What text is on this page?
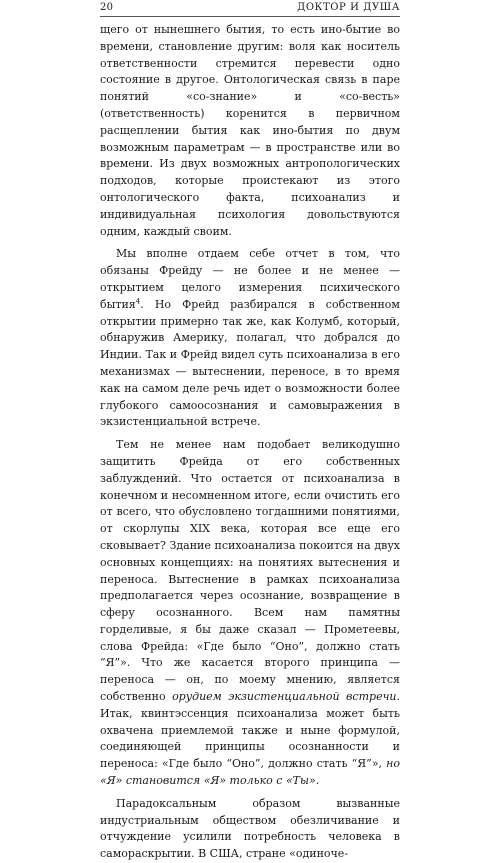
20	ДОКТОР И ДУША

щего от нынешнего бытия, то есть ино-бытие во времени, становление другим: воля как носитель ответственности стремится перевести одно состояние в другое. Онтологическая связь в паре понятий «со-знание» и «со-весть» (ответственность) коренится в первичном расщеплении бытия как ино-бытия по двум возможным параметрам — в пространстве или во времени. Из двух возможных антропологических подходов, которые проистекают из этого онтологического факта, психоанализ и индивидуальная психология довольствуются одним, каждый своим.

Мы вполне отдаем себе отчет в том, что обязаны Фрейду — не более и не менее — открытием целого измерения психического бытия$^4$. Но Фрейд разбирался в собственном открытии примерно так же, как Колумб, который, обнаружив Америку, полагал, что добрался до Индии. Так и Фрейд видел суть психоанализа в его механизмах — вытеснении, переносе, в то время как на самом деле речь идет о возможности более глубокого самоосознания и самовыражения в экзистенциальной встрече.

Тем не менее нам подобает великодушно защитить Фрейда от его собственных заблуждений. Что остается от психоанализа в конечном и несомненном итоге, если очистить его от всего, что обусловлено тогдашними понятиями, от скорлупы XIX века, которая все еще его сковывает? Здание психоанализа покоится на двух основных концепциях: на понятиях вытеснения и переноса. Вытеснение в рамках психоанализа предполагается через осознание, возвращение в сферу осознанного. Всем нам памятны горделивые, я бы даже сказал — Прометеевы, слова Фрейда: «Где было “Оно”, должно стать “Я”». Что же касается второго принципа — переноса — он, по моему мнению, является собственно орудием экзистенциальной встречи. Итак, квинтэссенция психоанализа может быть охвачена приемлемой также и ныне формулой, соединяющей принципы осознанности и переноса: «Где было “Оно”, должно стать “Я”», но «Я» становится «Я» только с «Ты».

Парадоксальным образом вызванные индустриальным обществом обезличивание и отчуждение усилили потребность человека в самораскрытии. В США, стране «одиноче-
